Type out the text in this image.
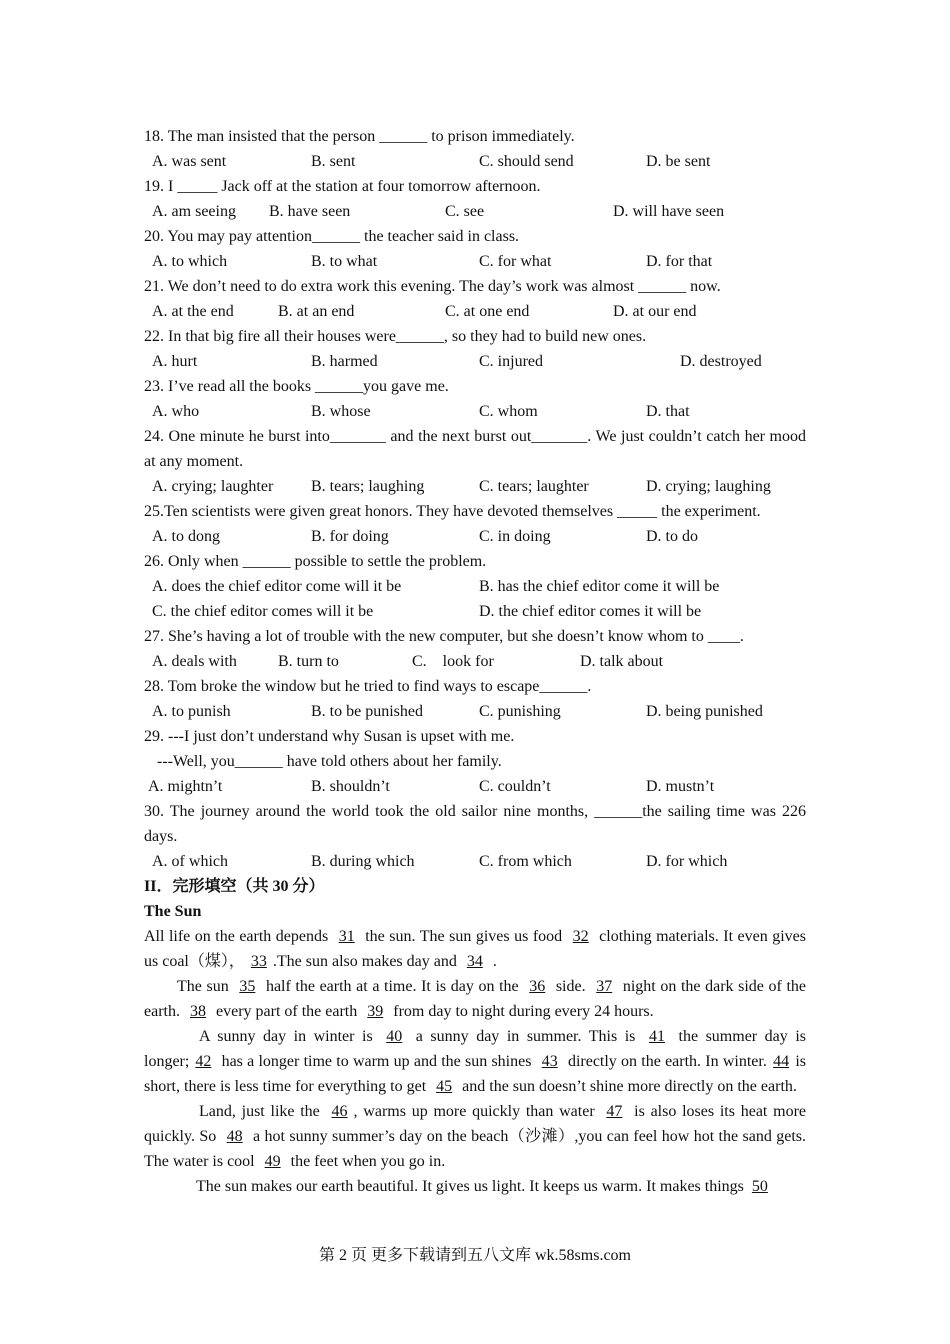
18. The man insisted that the person ______ to prison immediately.
A. was sent	B. sent	C. should send	D. be sent
19. I _____ Jack off at the station at four tomorrow afternoon.
A. am seeing B. have seen	C. see	D. will have seen
20. You may pay attention______ the teacher said in class.
A. to which	B. to what	C. for what	D. for that
21. We don’t need to do extra work this evening. The day’s work was almost ______ now.
A. at the end	B. at an end	C. at one end	D. at our end
22. In that big fire all their houses were______, so they had to build new ones.
A. hurt	B. harmed	C. injured	D. destroyed
23. I’ve read all the books ______you gave me.
A. who	B. whose	C. whom	D. that
24. One minute he burst into_______ and the next burst out_______. We just couldn’t catch her mood at any moment.
A. crying; laughter B. tears; laughing	C. tears; laughter	D. crying; laughing
25.Ten scientists were given great honors. They have devoted themselves _____ the experiment.
A. to dong	B. for doing	C. in doing	D. to do
26. Only when ______ possible to settle the problem.
A. does the chief editor come will it be	B. has the chief editor come it will be
C. the chief editor comes will it be	D. the chief editor comes it will be
27. She’s having a lot of trouble with the new computer, but she doesn’t know whom to ____.
A. deals with	B. turn to	C.    look for	D. talk about
28. Tom broke the window but he tried to find ways to escape______.
A. to punish	B. to be punished	C. punishing	D. being punished
29. ---I just don’t understand why Susan is upset with me.
---Well, you______ have told others about her family.
A. mightn’t	B. shouldn’t	C. couldn’t	D. mustn’t
30. The journey around the world took the old sailor nine months, ______the sailing time was 226 days.
A. of which	B. during which	C. from which	D. for which
II．完形填空（共 30 分）
The Sun
All life on the earth depends 31 the sun. The sun gives us food 32 clothing materials. It even gives us coal（煤）， 33 .The sun also makes day and 34 .
The sun 35 half the earth at a time. It is day on the 36 side. 37 night on the dark side of the earth. 38 every part of the earth 39 from day to night during every 24 hours.
A sunny day in winter is 40 a sunny day in summer. This is 41 the summer day is longer; 42 has a longer time to warm up and the sun shines 43 directly on the earth. In winter. 44 is short, there is less time for everything to get 45 and the sun doesn’t shine more directly on the earth.
Land, just like the 46 , warms up more quickly than water 47 is also loses its heat more quickly. So 48 a hot sunny summer’s day on the beach（沙滩）,you can feel how hot the sand gets. The water is cool 49 the feet when you go in.
The sun makes our earth beautiful. It gives us light. It keeps us warm. It makes things 50
第 2 页 更多下载请到五八文库 wk.58sms.com
